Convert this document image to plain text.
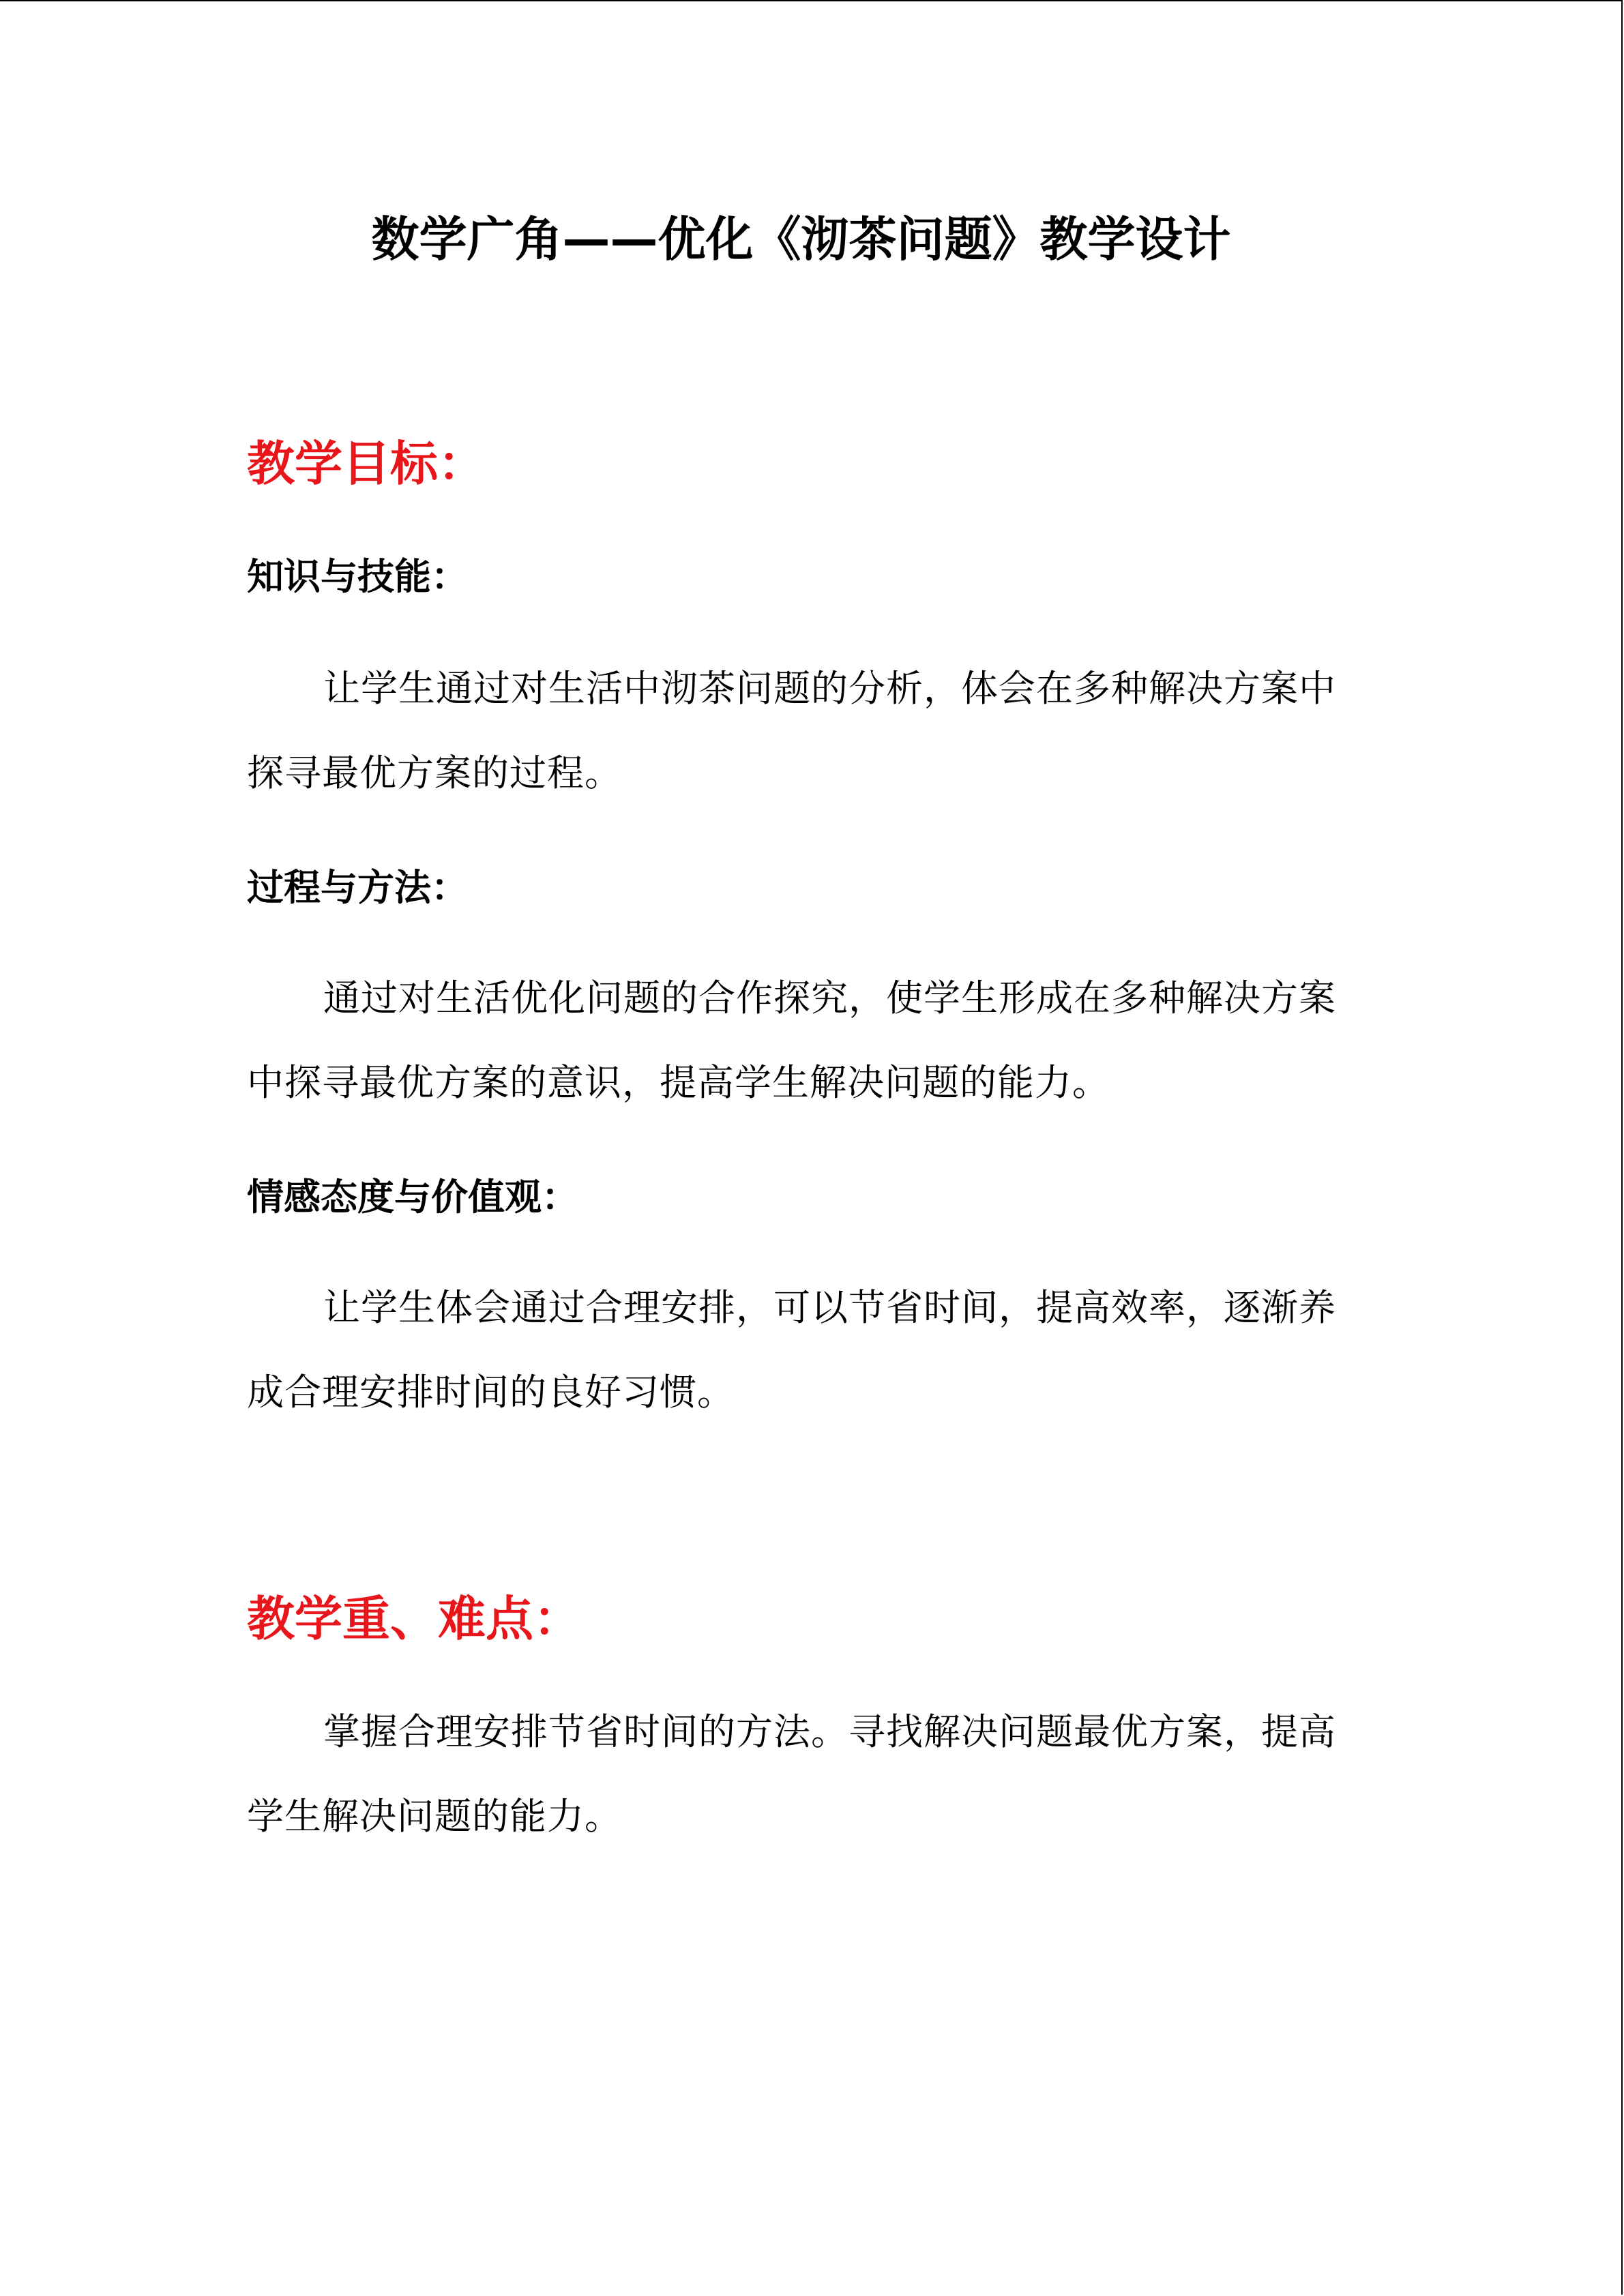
数学广角——优化《沏茶问题》教学设计
教学目标：
知识与技能：

让学生通过对生活中沏茶问题的分析，体会在多种解决方案中探寻最优方案的过程。

过程与方法：

通过对生活优化问题的合作探究，使学生形成在多种解决方案中探寻最优方案的意识，提高学生解决问题的能力。

情感态度与价值观：

让学生体会通过合理安排，可以节省时间，提高效率，逐渐养成合理安排时间的良好习惯。

教学重、难点：

掌握合理安排节省时间的方法。寻找解决问题最优方案，提高学生解决问题的能力。
